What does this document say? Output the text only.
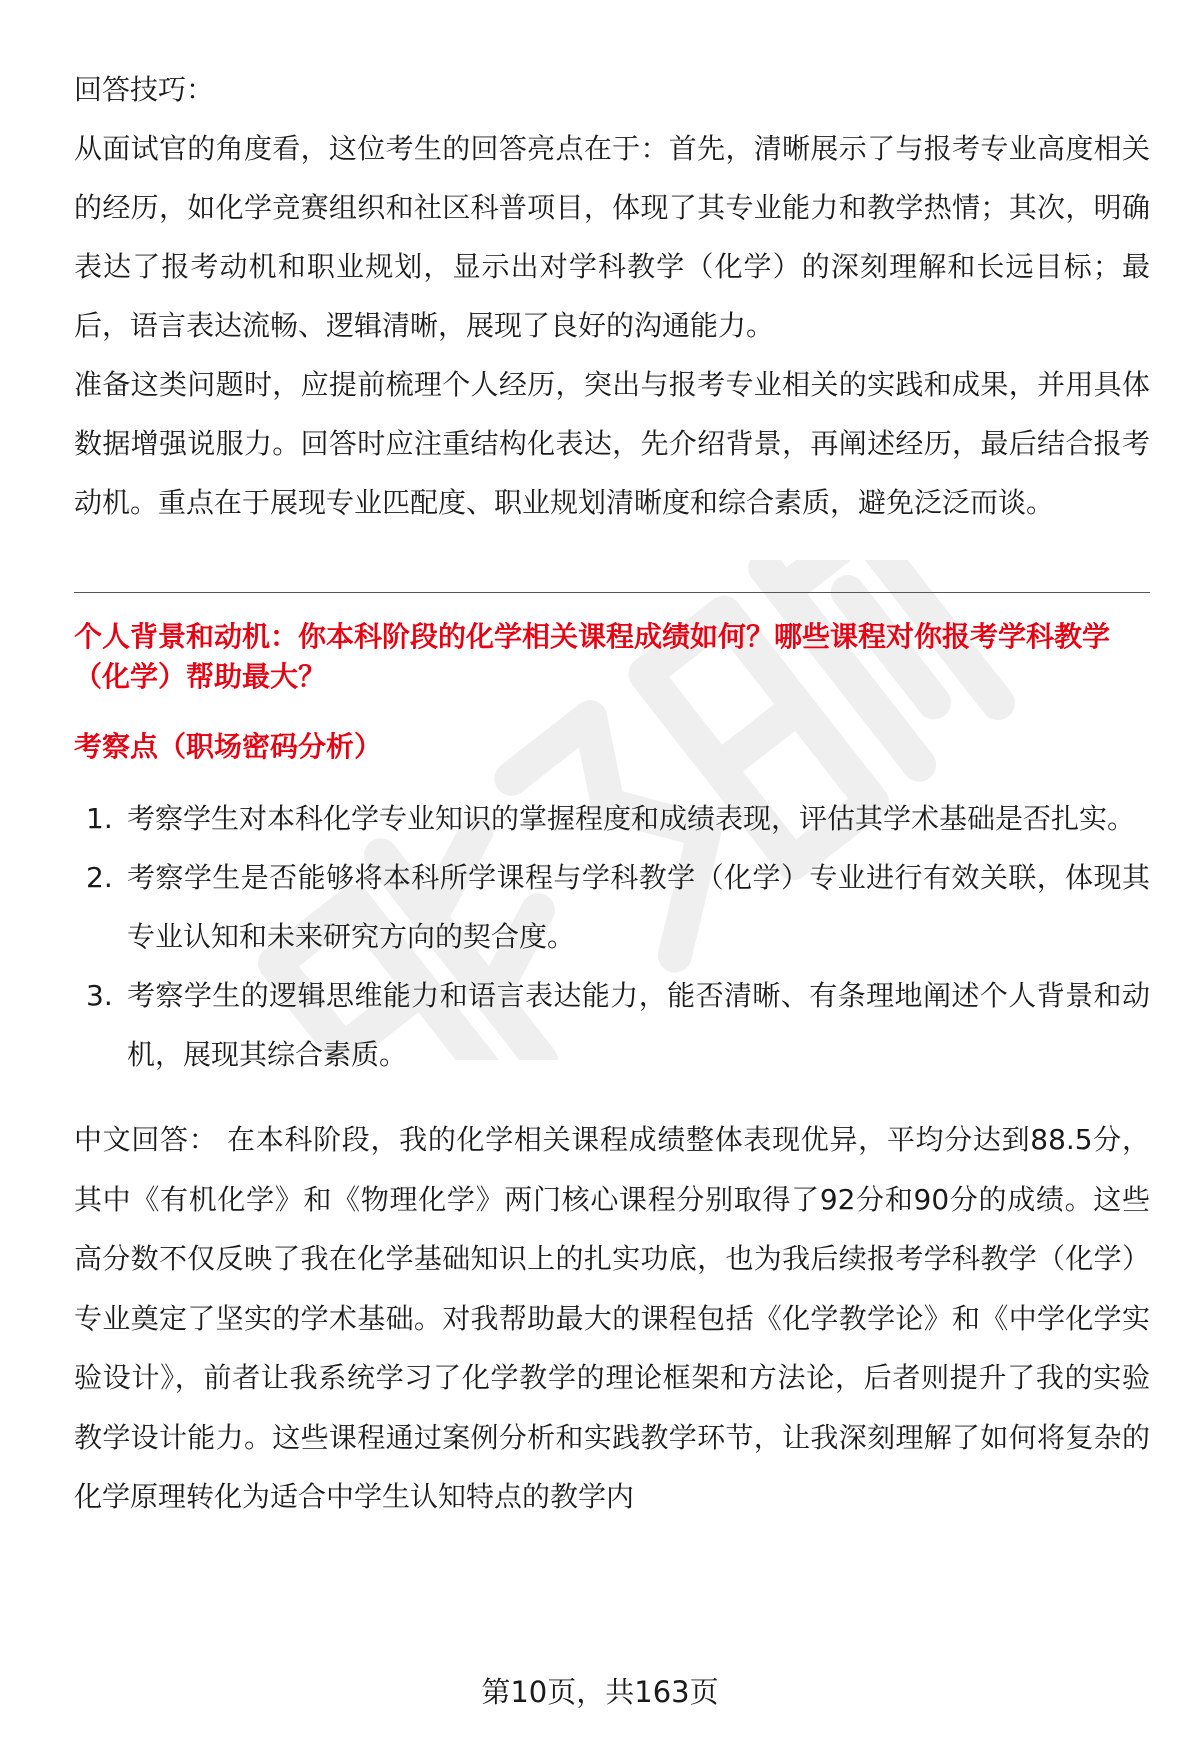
回答技巧：

从面试官的角度看，这位考生的回答亮点在于：首先，清晰展示了与报考专业高度相关的经历，如化学竞赛组织和社区科普项目，体现了其专业能力和教学热情；其次，明确表达了报考动机和职业规划，显示出对学科教学（化学）的深刻理解和长远目标；最后，语言表达流畅、逻辑清晰，展现了良好的沟通能力。

准备这类问题时，应提前梳理个人经历，突出与报考专业相关的实践和成果，并用具体数据增强说服力。回答时应注重结构化表达，先介绍背景，再阐述经历，最后结合报考动机。重点在于展现专业匹配度、职业规划清晰度和综合素质，避免泛泛而谈。

个人背景和动机：你本科阶段的化学相关课程成绩如何？哪些课程对你报考学科教学（化学）帮助最大？

考察点（职场密码分析）

1. 考察学生对本科化学专业知识的掌握程度和成绩表现，评估其学术基础是否扎实。
2. 考察学生是否能够将本科所学课程与学科教学（化学）专业进行有效关联，体现其专业认知和未来研究方向的契合度。
3. 考察学生的逻辑思维能力和语言表达能力，能否清晰、有条理地阐述个人背景和动机，展现其综合素质。

中文回答： 在本科阶段，我的化学相关课程成绩整体表现优异，平均分达到88.5分，其中《有机化学》和《物理化学》两门核心课程分别取得了92分和90分的成绩。这些高分数不仅反映了我在化学基础知识上的扎实功底，也为我后续报考学科教学（化学）专业奠定了坚实的学术基础。对我帮助最大的课程包括《化学教学论》和《中学化学实验设计》，前者让我系统学习了化学教学的理论框架和方法论，后者则提升了我的实验教学设计能力。这些课程通过案例分析和实践教学环节，让我深刻理解了如何将复杂的化学原理转化为适合中学生认知特点的教学内

第10页，共163页
